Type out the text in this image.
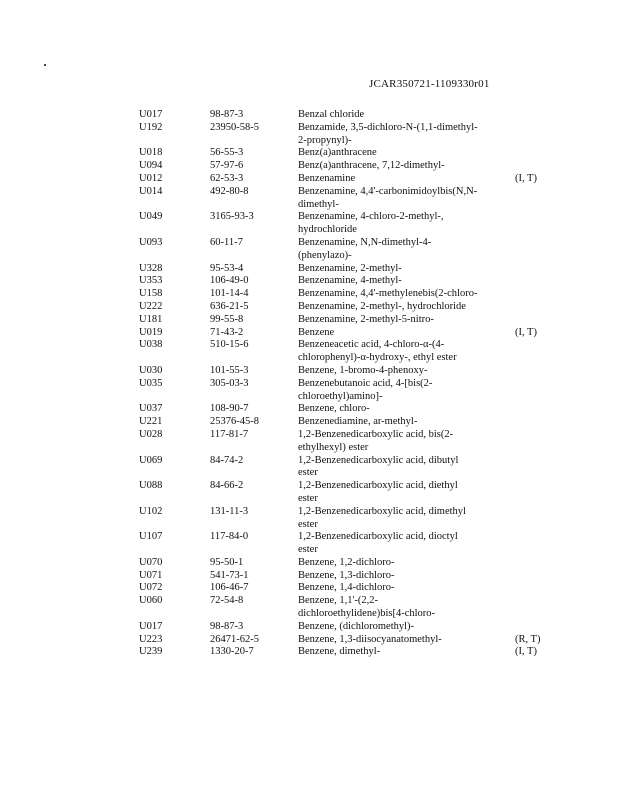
JCAR350721-1109330r01
U017	98-87-3	Benzal chloride
U192	23950-58-5	Benzamide, 3,5-dichloro-N-(1,1-dimethyl-
2-propynyl)-
U018	56-55-3	Benz(a)anthracene
U094	57-97-6	Benz(a)anthracene, 7,12-dimethyl-
U012	62-53-3	Benzenamine	(I, T)
U014	492-80-8	Benzenamine, 4,4'-carbonimidoylbis(N,N-
dimethyl-
U049	3165-93-3	Benzenamine, 4-chloro-2-methyl-,
hydrochloride
U093	60-11-7	Benzenamine, N,N-dimethyl-4-
(phenylazo)-
U328	95-53-4	Benzenamine, 2-methyl-
U353	106-49-0	Benzenamine, 4-methyl-
U158	101-14-4	Benzenamine, 4,4'-methylenebis(2-chloro-
U222	636-21-5	Benzenamine, 2-methyl-, hydrochloride
U181	99-55-8	Benzenamine, 2-methyl-5-nitro-
U019	71-43-2	Benzene	(I, T)
U038	510-15-6	Benzeneacetic acid, 4-chloro-α-(4-
chlorophenyl)-α-hydroxy-, ethyl ester
U030	101-55-3	Benzene, 1-bromo-4-phenoxy-
U035	305-03-3	Benzenebutanoic acid, 4-[bis(2-
chloroethyl)amino]-
U037	108-90-7	Benzene, chloro-
U221	25376-45-8	Benzenediamine, ar-methyl-
U028	117-81-7	1,2-Benzenedicarboxylic acid, bis(2-
ethylhexyl) ester
U069	84-74-2	1,2-Benzenedicarboxylic acid, dibutyl
ester
U088	84-66-2	1,2-Benzenedicarboxylic acid, diethyl
ester
U102	131-11-3	1,2-Benzenedicarboxylic acid, dimethyl
ester
U107	117-84-0	1,2-Benzenedicarboxylic acid, dioctyl
ester
U070	95-50-1	Benzene, 1,2-dichloro-
U071	541-73-1	Benzene, 1,3-dichloro-
U072	106-46-7	Benzene, 1,4-dichloro-
U060	72-54-8	Benzene, 1,1'-(2,2-
dichloroethylidene)bis[4-chloro-
U017	98-87-3	Benzene, (dichloromethyl)-
U223	26471-62-5	Benzene, 1,3-diisocyanatomethyl-	(R, T)
U239	1330-20-7	Benzene, dimethyl-	(I, T)
